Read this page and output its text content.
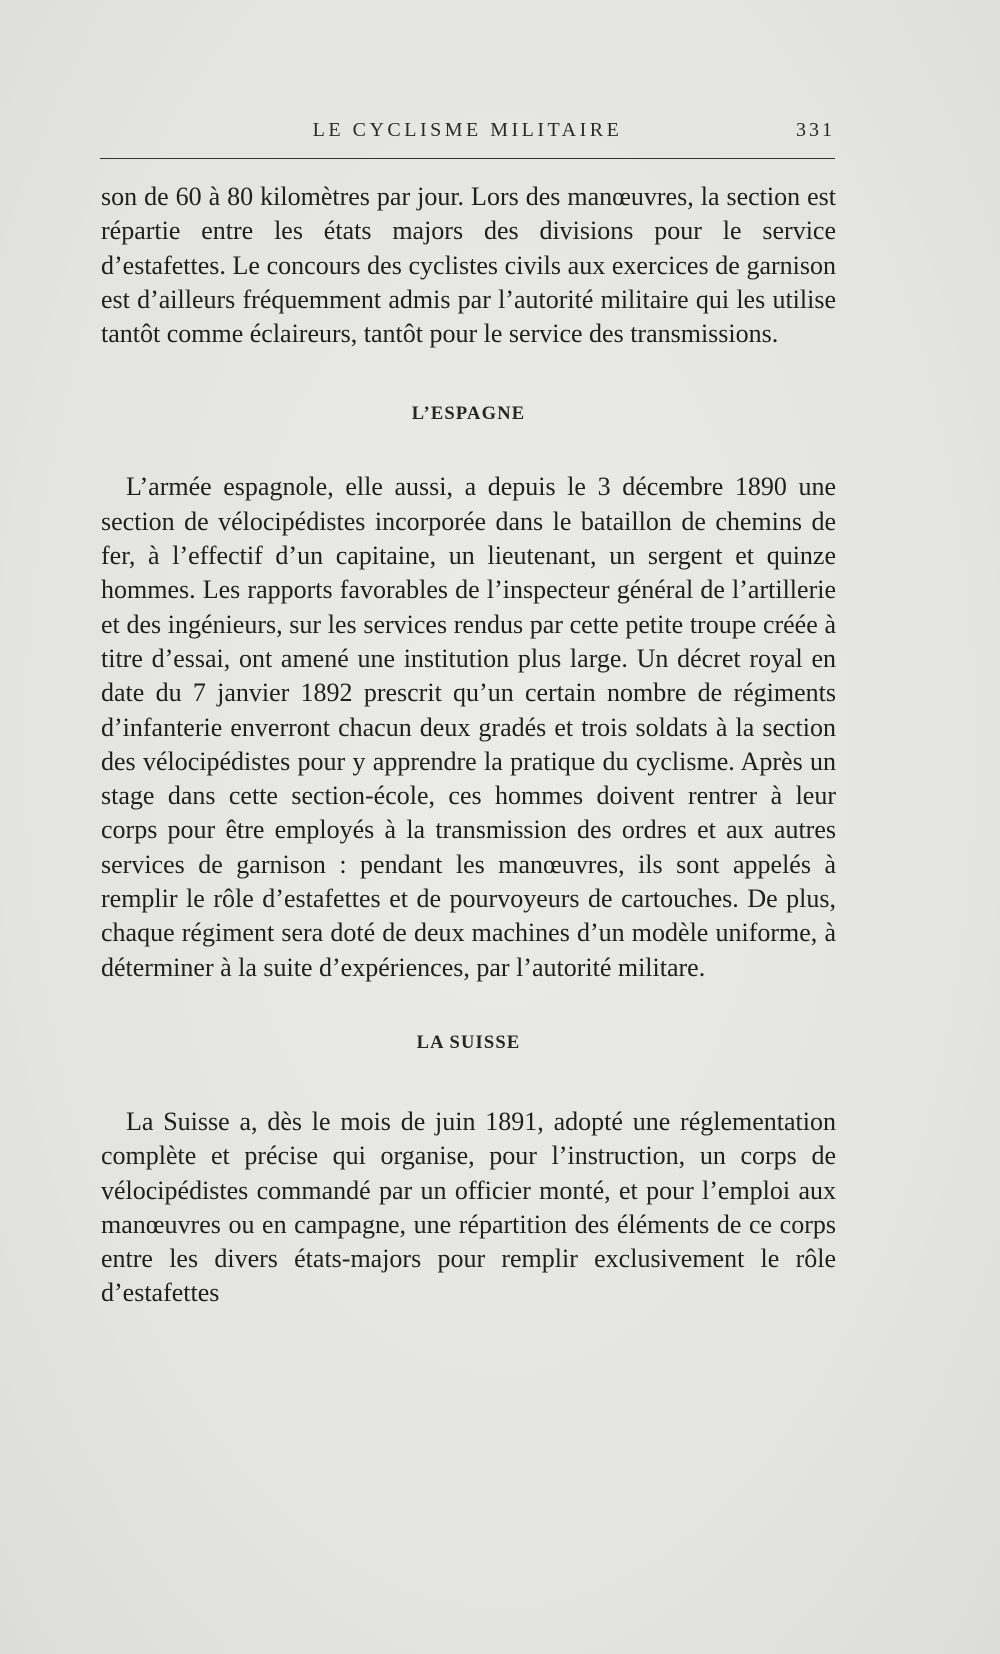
LE CYCLISME MILITAIRE	331

son de 60 à 80 kilomètres par jour. Lors des manœuvres, la section est répartie entre les états majors des divisions pour le service d’estafettes. Le concours des cyclistes civils aux exercices de garnison est d’ailleurs fréquemment admis par l’autorité militaire qui les utilise tantôt comme éclaireurs, tantôt pour le service des transmissions.

L’ESPAGNE

L’armée espagnole, elle aussi, a depuis le 3 décembre 1890 une section de vélocipédistes incorporée dans le bataillon de chemins de fer, à l’effectif d’un capitaine, un lieutenant, un sergent et quinze hommes. Les rapports favorables de l’inspecteur général de l’artillerie et des ingénieurs, sur les services rendus par cette petite troupe créée à titre d’essai, ont amené une institution plus large. Un décret royal en date du 7 janvier 1892 prescrit qu’un certain nombre de régiments d’infanterie enverront chacun deux gradés et trois soldats à la section des vélocipédistes pour y apprendre la pratique du cyclisme. Après un stage dans cette section-école, ces hommes doivent rentrer à leur corps pour être employés à la transmission des ordres et aux autres services de garnison : pendant les manœuvres, ils sont appelés à remplir le rôle d’estafettes et de pourvoyeurs de cartouches. De plus, chaque régiment sera doté de deux machines d’un modèle uniforme, à déterminer à la suite d’expériences, par l’autorité militare.

LA SUISSE

La Suisse a, dès le mois de juin 1891, adopté une réglementation complète et précise qui organise, pour l’instruction, un corps de vélocipédistes commandé par un officier monté, et pour l’emploi aux manœuvres ou en campagne, une répartition des éléments de ce corps entre les divers états-majors pour remplir exclusivement le rôle d’estafettes
